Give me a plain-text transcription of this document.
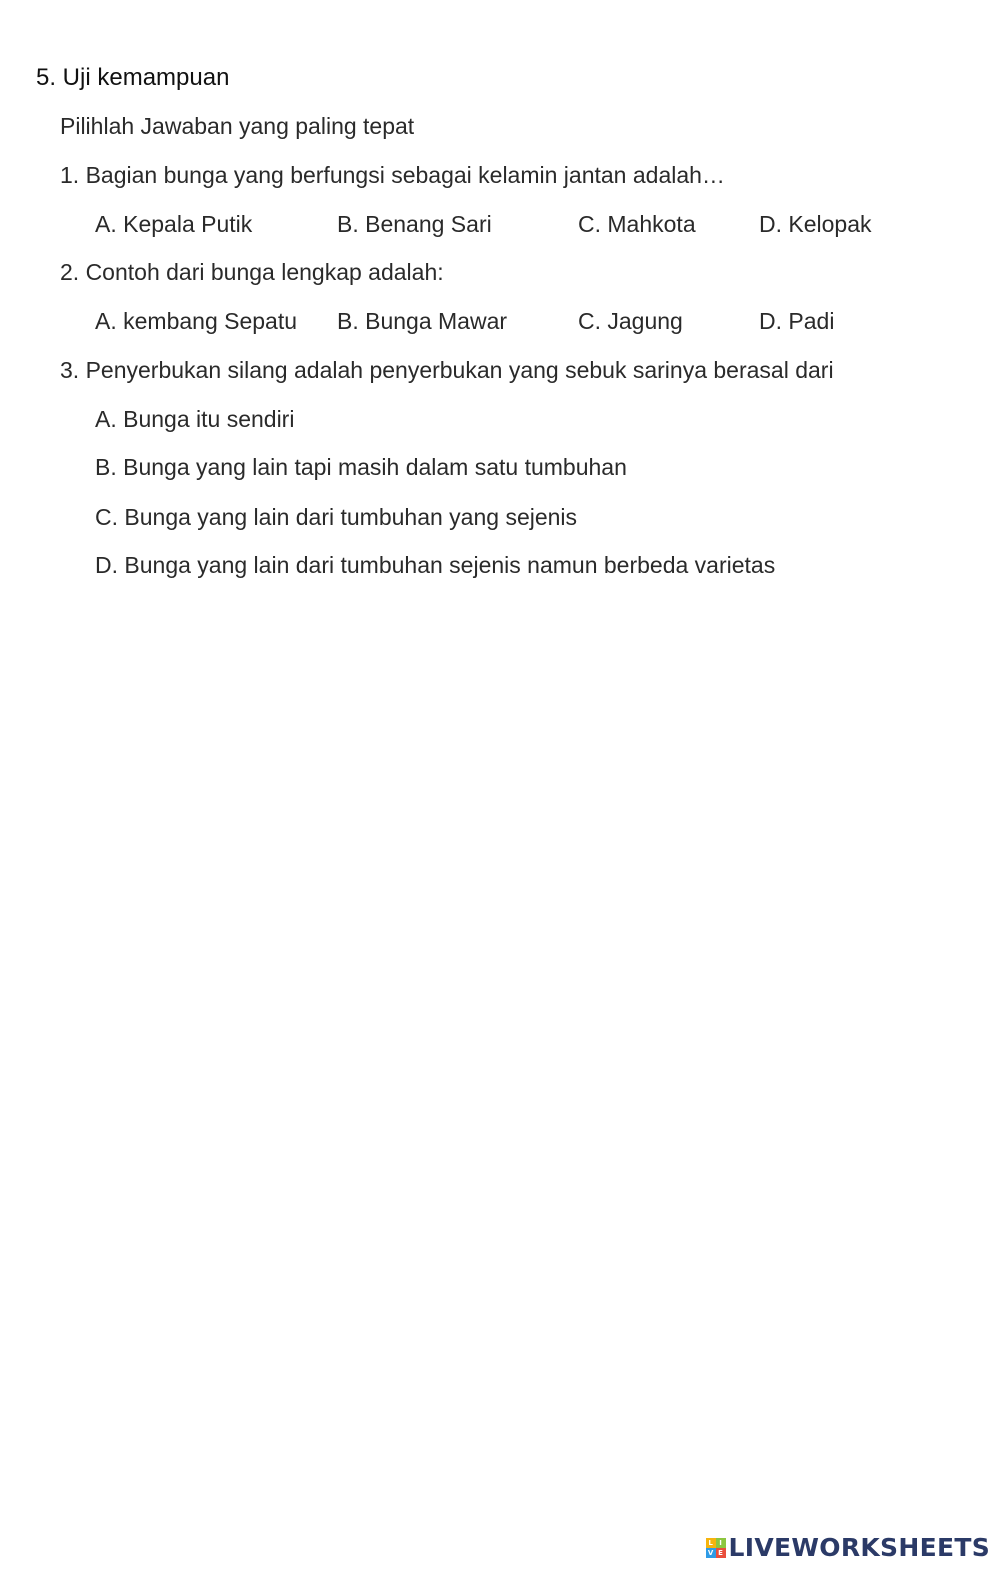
5. Uji kemampuan
Pilihlah Jawaban yang paling tepat
1. Bagian bunga yang berfungsi sebagai kelamin jantan adalah…
A. Kepala Putik	B. Benang Sari	C. Mahkota	D. Kelopak
2. Contoh dari bunga lengkap adalah:
A. kembang Sepatu B. Bunga Mawar	C. Jagung	D. Padi
3. Penyerbukan silang adalah penyerbukan yang sebuk sarinya berasal dari
A. Bunga itu sendiri
B. Bunga yang lain tapi masih dalam satu tumbuhan
C. Bunga yang lain dari tumbuhan yang sejenis
D. Bunga yang lain dari tumbuhan sejenis namun berbeda varietas
L I
V E LIVEWORKSHEETS
